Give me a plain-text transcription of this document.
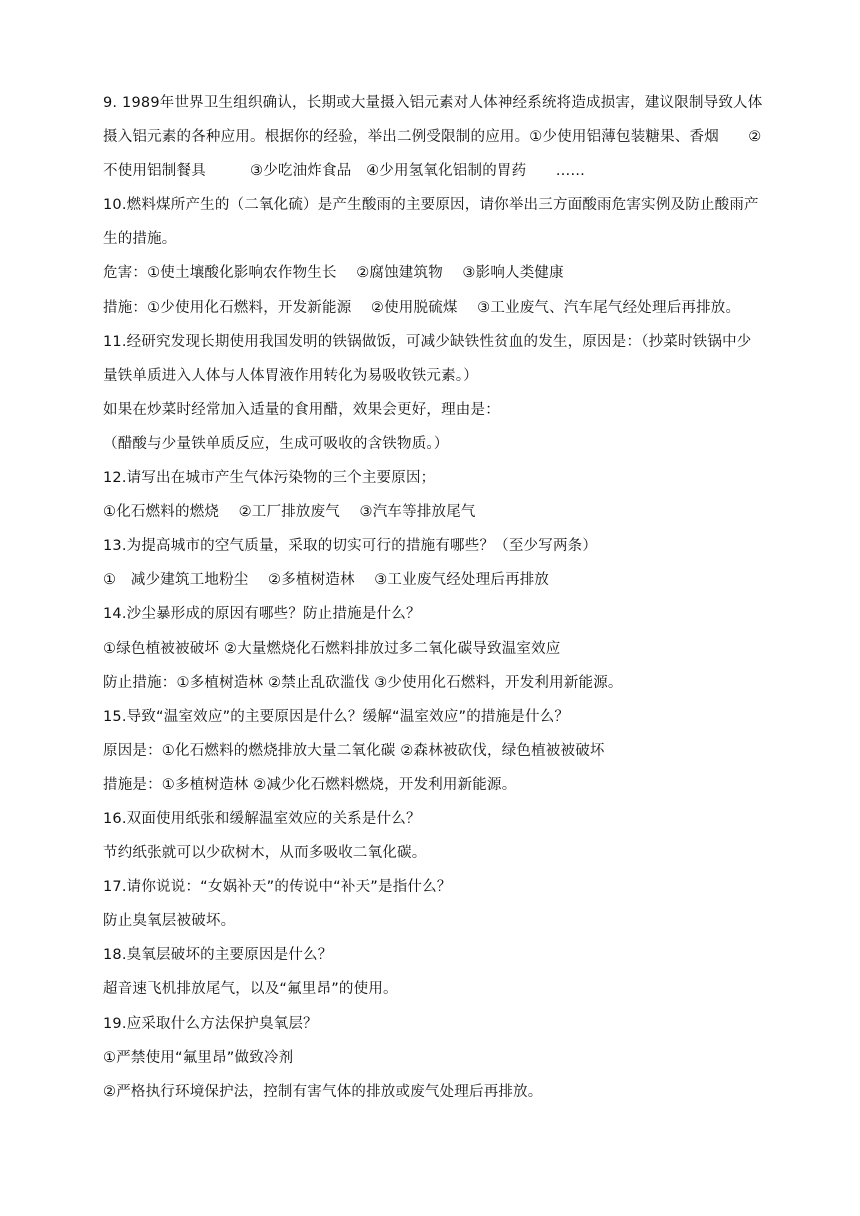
9. 1989年世界卫生组织确认，长期或大量摄入铝元素对人体神经系统将造成损害，建议限制导致人体

摄入铝元素的各种应用。根据你的经验，举出二例受限制的应用。①少使用铝薄包装糖果、香烟　　②

不使用铝制餐具　　　③少吃油炸食品　④少用氢氧化铝制的胃药　　……

10.燃料煤所产生的（二氧化硫）是产生酸雨的主要原因，请你举出三方面酸雨危害实例及防止酸雨产

生的措施。

危害：①使土壤酸化影响农作物生长　 ②腐蚀建筑物　 ③影响人类健康

措施：①少使用化石燃料，开发新能源　 ②使用脱硫煤　 ③工业废气、汽车尾气经处理后再排放。

11.经研究发现长期使用我国发明的铁锅做饭，可减少缺铁性贫血的发生，原因是：（抄菜时铁锅中少

量铁单质进入人体与人体胃液作用转化为易吸收铁元素。）

如果在炒菜时经常加入适量的食用醋，效果会更好，理由是：

（醋酸与少量铁单质反应，生成可吸收的含铁物质。）

12.请写出在城市产生气体污染物的三个主要原因；

①化石燃料的燃烧　 ②工厂排放废气　 ③汽车等排放尾气

13.为提高城市的空气质量，采取的切实可行的措施有哪些？（至少写两条）

①　减少建筑工地粉尘　 ②多植树造林　 ③工业废气经处理后再排放

14.沙尘暴形成的原因有哪些？防止措施是什么？

①绿色植被被破坏 ②大量燃烧化石燃料排放过多二氧化碳导致温室效应

防止措施：①多植树造林 ②禁止乱砍滥伐 ③少使用化石燃料，开发利用新能源。

15.导致“温室效应”的主要原因是什么？缓解“温室效应”的措施是什么？

原因是：①化石燃料的燃烧排放大量二氧化碳 ②森林被砍伐，绿色植被被破坏

措施是：①多植树造林 ②减少化石燃料燃烧，开发利用新能源。

16.双面使用纸张和缓解温室效应的关系是什么？

节约纸张就可以少砍树木，从而多吸收二氧化碳。

17.请你说说：“女娲补天”的传说中“补天”是指什么？

防止臭氧层被破坏。

18.臭氧层破坏的主要原因是什么？

超音速飞机排放尾气，以及“氟里昂”的使用。

19.应采取什么方法保护臭氧层？

①严禁使用“氟里昂”做致冷剂

②严格执行环境保护法，控制有害气体的排放或废气处理后再排放。
